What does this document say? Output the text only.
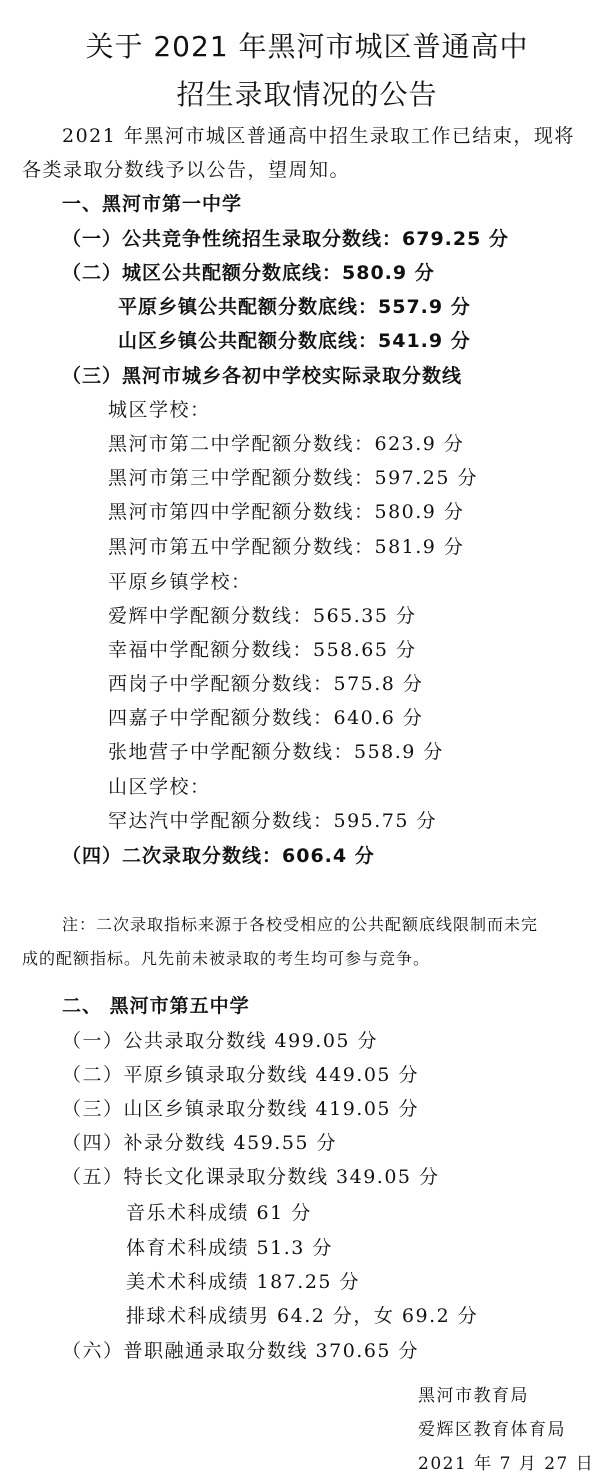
关于 2021 年黑河市城区普通高中
招生录取情况的公告
2021 年黑河市城区普通高中招生录取工作已结束，现将
各类录取分数线予以公告，望周知。
一、黑河市第一中学
（一）公共竞争性统招生录取分数线：679.25 分
（二）城区公共配额分数底线：580.9 分
平原乡镇公共配额分数底线：557.9 分
山区乡镇公共配额分数底线：541.9 分
（三）黑河市城乡各初中学校实际录取分数线
城区学校：
黑河市第二中学配额分数线：623.9 分
黑河市第三中学配额分数线：597.25 分
黑河市第四中学配额分数线：580.9 分
黑河市第五中学配额分数线：581.9 分
平原乡镇学校：
爱辉中学配额分数线：565.35 分
幸福中学配额分数线：558.65 分
西岗子中学配额分数线：575.8 分
四嘉子中学配额分数线：640.6 分
张地营子中学配额分数线：558.9 分
山区学校：
罕达汽中学配额分数线：595.75 分
（四）二次录取分数线：606.4 分
注：二次录取指标来源于各校受相应的公共配额底线限制而未完
成的配额指标。凡先前未被录取的考生均可参与竞争。
二、 黑河市第五中学
（一）公共录取分数线 499.05 分
（二）平原乡镇录取分数线 449.05 分
（三）山区乡镇录取分数线 419.05 分
（四）补录分数线 459.55 分
（五）特长文化课录取分数线 349.05 分
音乐术科成绩 61 分
体育术科成绩 51.3 分
美术术科成绩 187.25 分
排球术科成绩男 64.2 分，女 69.2 分
（六）普职融通录取分数线 370.65 分
黑河市教育局
爱辉区教育体育局
2021 年 7 月 27 日
